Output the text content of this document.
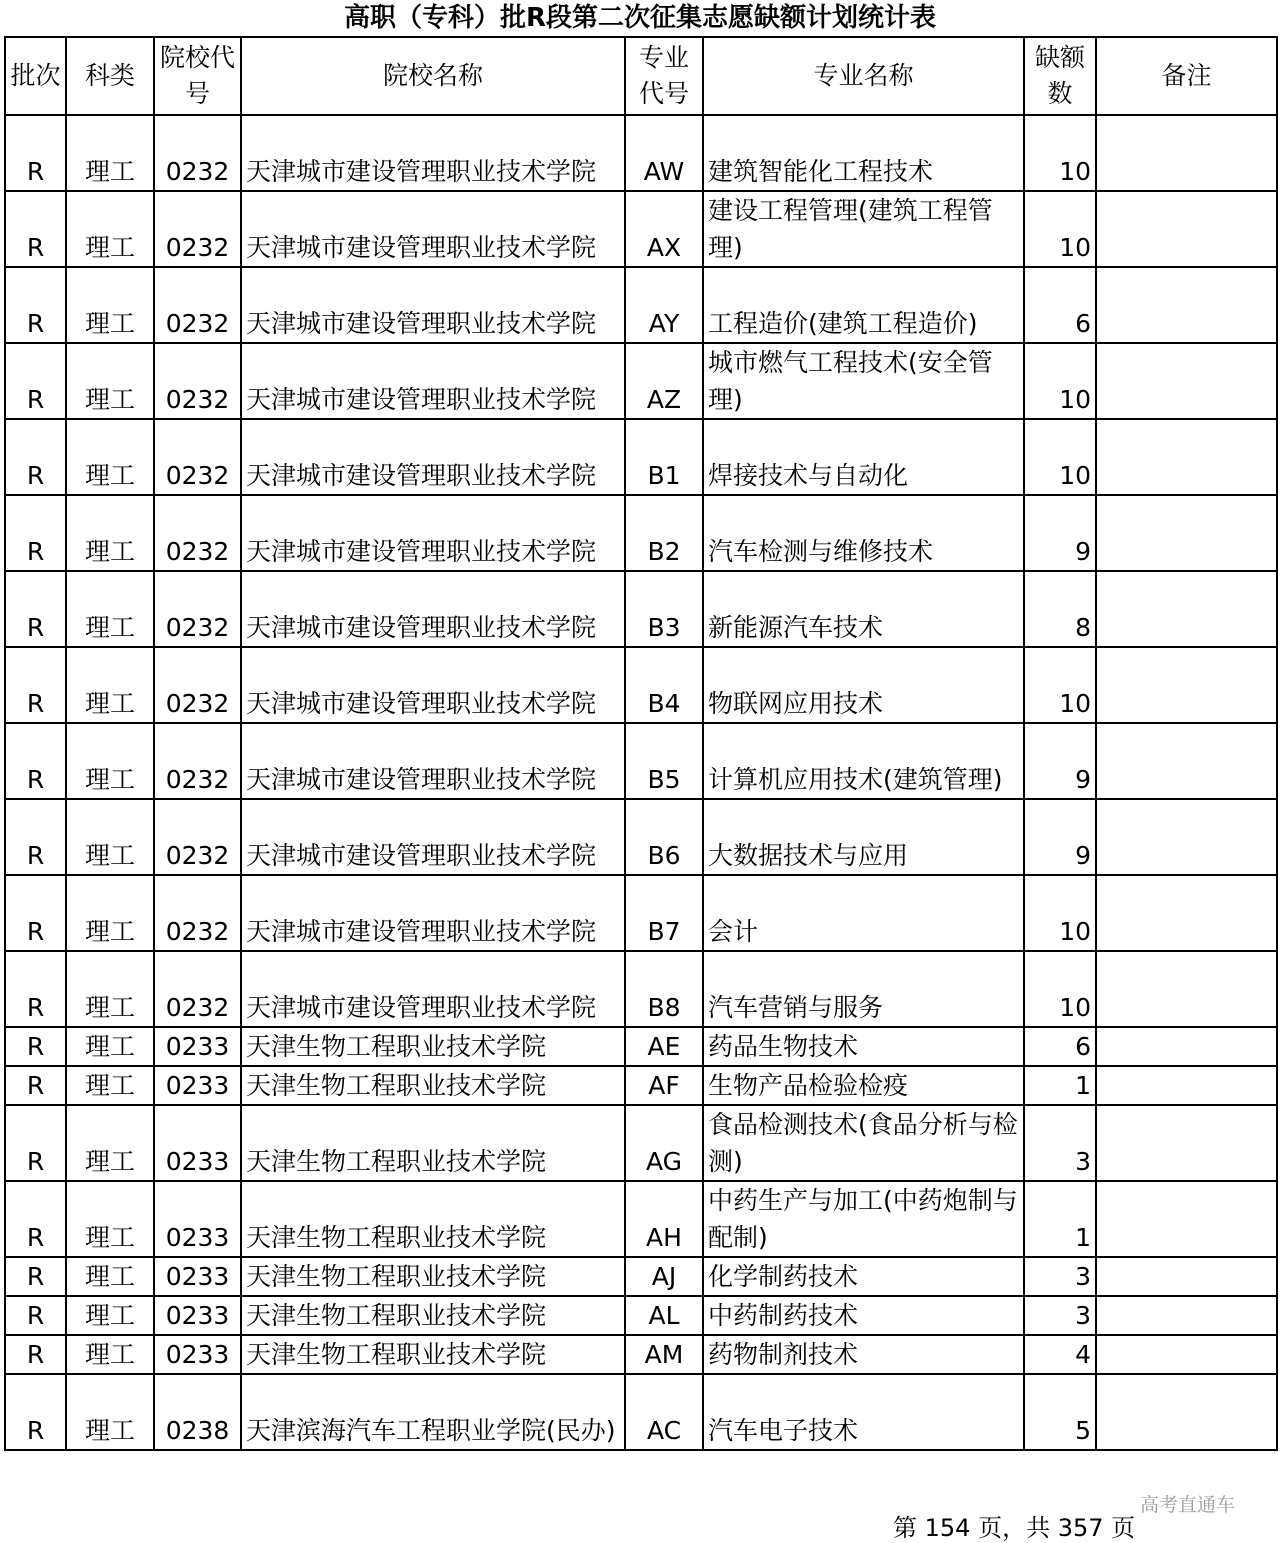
高职（专科）批R段第二次征集志愿缺额计划统计表
批次	科类	院校代号	院校名称	专业代号	专业名称	缺额数	备注
R	理工	0232	天津城市建设管理职业技术学院	AW	建筑智能化工程技术	10	
R	理工	0232	天津城市建设管理职业技术学院	AX	建设工程管理(建筑工程管理)	10	
R	理工	0232	天津城市建设管理职业技术学院	AY	工程造价(建筑工程造价)	6	
R	理工	0232	天津城市建设管理职业技术学院	AZ	城市燃气工程技术(安全管理)	10	
R	理工	0232	天津城市建设管理职业技术学院	B1	焊接技术与自动化	10	
R	理工	0232	天津城市建设管理职业技术学院	B2	汽车检测与维修技术	9	
R	理工	0232	天津城市建设管理职业技术学院	B3	新能源汽车技术	8	
R	理工	0232	天津城市建设管理职业技术学院	B4	物联网应用技术	10	
R	理工	0232	天津城市建设管理职业技术学院	B5	计算机应用技术(建筑管理)	9	
R	理工	0232	天津城市建设管理职业技术学院	B6	大数据技术与应用	9	
R	理工	0232	天津城市建设管理职业技术学院	B7	会计	10	
R	理工	0232	天津城市建设管理职业技术学院	B8	汽车营销与服务	10	
R	理工	0233	天津生物工程职业技术学院	AE	药品生物技术	6	
R	理工	0233	天津生物工程职业技术学院	AF	生物产品检验检疫	1	
R	理工	0233	天津生物工程职业技术学院	AG	食品检测技术(食品分析与检测)	3	
R	理工	0233	天津生物工程职业技术学院	AH	中药生产与加工(中药炮制与配制)	1	
R	理工	0233	天津生物工程职业技术学院	AJ	化学制药技术	3	
R	理工	0233	天津生物工程职业技术学院	AL	中药制药技术	3	
R	理工	0233	天津生物工程职业技术学院	AM	药物制剂技术	4	
R	理工	0238	天津滨海汽车工程职业学院(民办)	AC	汽车电子技术	5	
高考直通车
第 154 页，共 357 页
